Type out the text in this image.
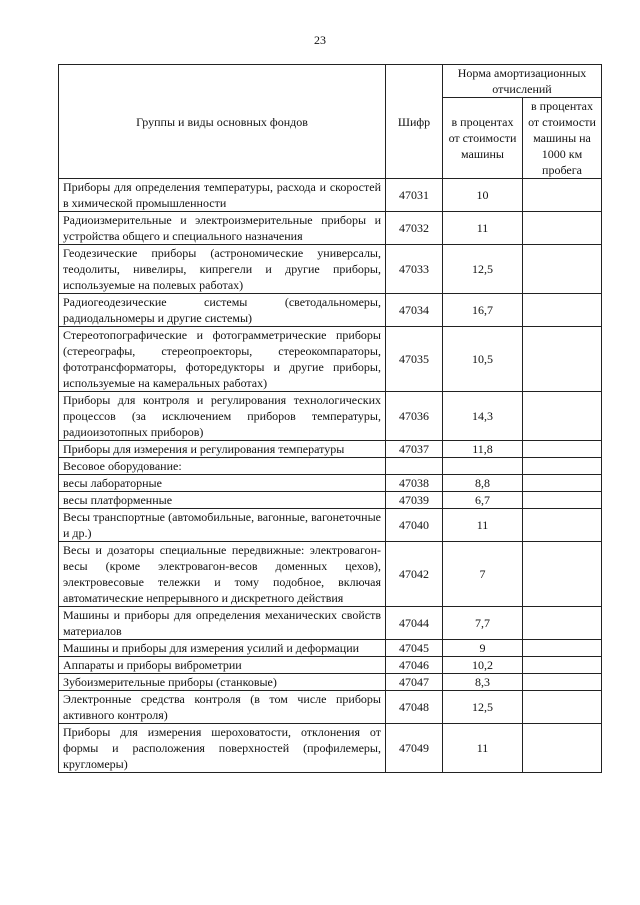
23
Группы и виды основных фондов	Шифр	Норма амортизационных отчислений	
		в процентах от стоимости машины	в процентах от стоимости машины на 1000 км пробега
Приборы для определения температуры, расхода и скоростей в химической промышленности	47031	10	
Радиоизмерительные и электроизмерительные приборы и устройства общего и специального назначения	47032	11	
Геодезические приборы (астрономические универсалы, теодолиты, нивелиры, кипрегели и другие приборы, используемые на полевых работах)	47033	12,5	
Радиогеодезические системы (светодальномеры, радиодальномеры и другие системы)	47034	16,7	
Стереотопографические и фотограмметрические приборы (стереографы, стереопроекторы, стереокомпараторы, фототрансформаторы, фоторедукторы и другие приборы, используемые на камеральных работах)	47035	10,5	
Приборы для контроля и регулирования технологических процессов (за исключением приборов температуры, радиоизотопных приборов)	47036	14,3	
Приборы для измерения и регулирования температуры	47037	11,8	
Весовое оборудование:			
весы лабораторные	47038	8,8	
весы платформенные	47039	6,7	
Весы транспортные (автомобильные, вагонные, вагонеточные и др.)	47040	11	
Весы и дозаторы специальные передвижные: электровагон-весы (кроме электровагон-весов доменных цехов), электровесовые тележки и тому подобное, включая автоматические непрерывного и дискретного действия	47042	7	
Машины и приборы для определения механических свойств материалов	47044	7,7	
Машины и приборы для измерения усилий и деформации	47045	9	
Аппараты и приборы виброметрии	47046	10,2	
Зубоизмерительные приборы (станковые)	47047	8,3	
Электронные средства контроля (в том числе приборы активного контроля)	47048	12,5	
Приборы для измерения шероховатости, отклонения от формы и расположения поверхностей (профилемеры, кругломеры)	47049	11	
